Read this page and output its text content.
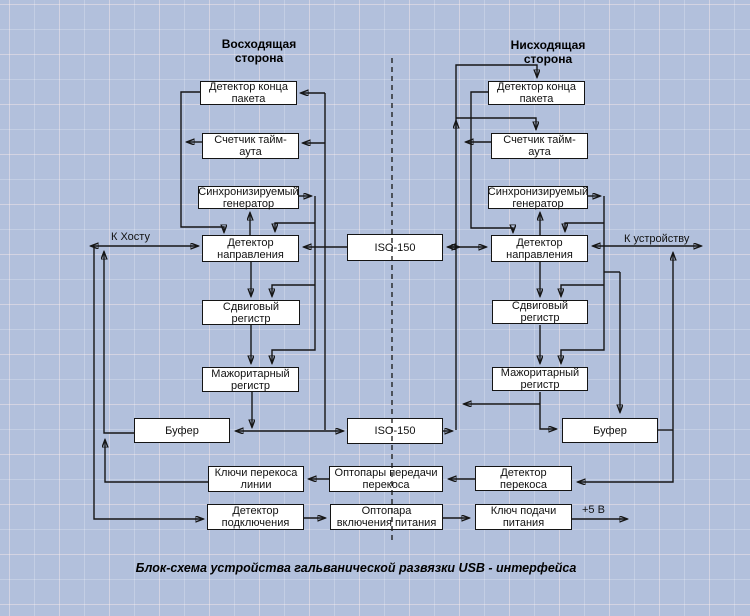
Восходящая сторона
Нисходящая сторона
К Хосту	К устройству
+5 В
Детектор конца пакета
Счетчик тайм-аута
Синхронизируемый генератор
Детектор направления
Сдвиговый регистр
Мажоритарный регистр
Буфер
ISO-150
ISO-150
Детектор конца пакета
Счетчик тайм-аута
Синхронизируемый генератор
Детектор направления
Сдвиговый регистр
Мажоритарный регистр
Буфер
Ключи перекоса линии
Оптопары передачи перекоса
Детектор перекоса
Детектор подключения
Оптопара включения питания
Ключ подачи питания
Блок-схема устройства гальванической развязки USB - интерфейса
